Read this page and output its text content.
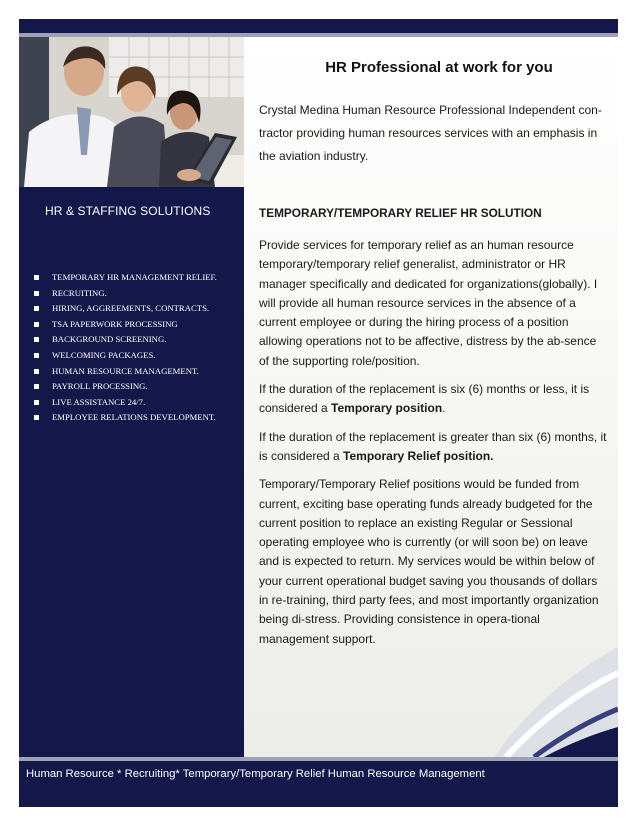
HR & STAFFING SOLUTIONS
TEMPORARY HR MANAGEMENT RELIEF.
RECRUITING.
HIRING, AGGREEMENTS, CONTRACTS.
TSA PAPERWORK PROCESSING
BACKGROUND SCREENING.
WELCOMING PACKAGES.
HUMAN RESOURCE MANAGEMENT.
PAYROLL PROCESSING.
LIVE ASSISTANCE 24/7.
EMPLOYEE RELATIONS DEVELOPMENT.
HR Professional at work for you
Crystal Medina Human Resource Professional Independent con-tractor providing human resources services with an emphasis in the aviation industry.
TEMPORARY/TEMPORARY RELIEF HR SOLUTION

Provide services for temporary relief as an human resource temporary/temporary relief generalist, administrator or HR manager specifically and dedicated for organizations(globally). I will provide all human resource services in the absence of a current employee or during the hiring process of a position allowing operations not to be affective, distress by the ab-sence of the supporting role/position.

If the duration of the replacement is six (6) months or less, it is considered a Temporary position.

If the duration of the replacement is greater than six (6) months, it is considered a Temporary Relief position.

Temporary/Temporary Relief positions would be funded from current, exciting base operating funds already budgeted for the current position to replace an existing Regular or Sessional operating employee who is currently (or will soon be) on leave and is expected to return. My services would be within below of your current operational budget saving you thousands of dollars in re-training, third party fees, and most importantly organization being di-stress. Providing consistence in opera-tional management support.

Human Resource * Recruiting* Temporary/Temporary Relief Human Resource Management
